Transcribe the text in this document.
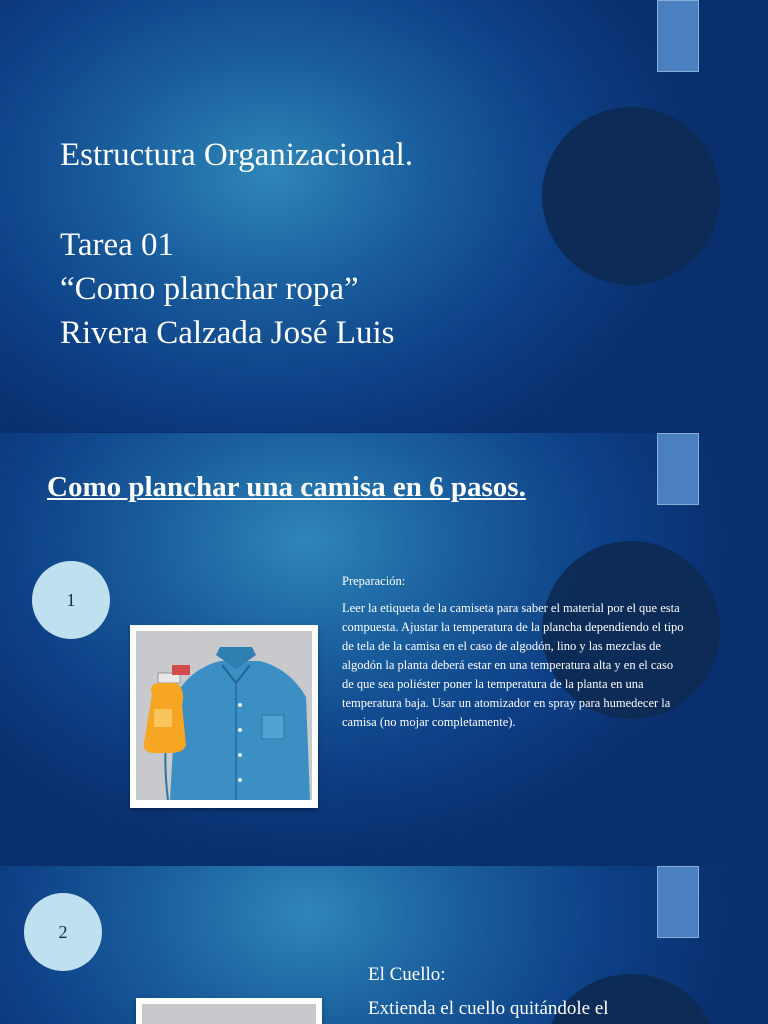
Estructura Organizacional.
Tarea 01
“Como planchar ropa”
Rivera Calzada José Luis
Como planchar una camisa en 6 pasos.
1

Preparación:

Leer la etiqueta de la camiseta para saber el material por el que esta compuesta. Ajustar la temperatura de la plancha dependiendo el tipo de tela de la camisa en el caso de algodón, lino y las mezclas de algodón la planta deberá estar en una temperatura alta y en el caso de que sea poliéster poner la temperatura de la planta en una temperatura baja. Usar un atomizador en spray para humedecer la camisa (no mojar completamente).

2
El Cuello:
Extienda el cuello quitándole el
